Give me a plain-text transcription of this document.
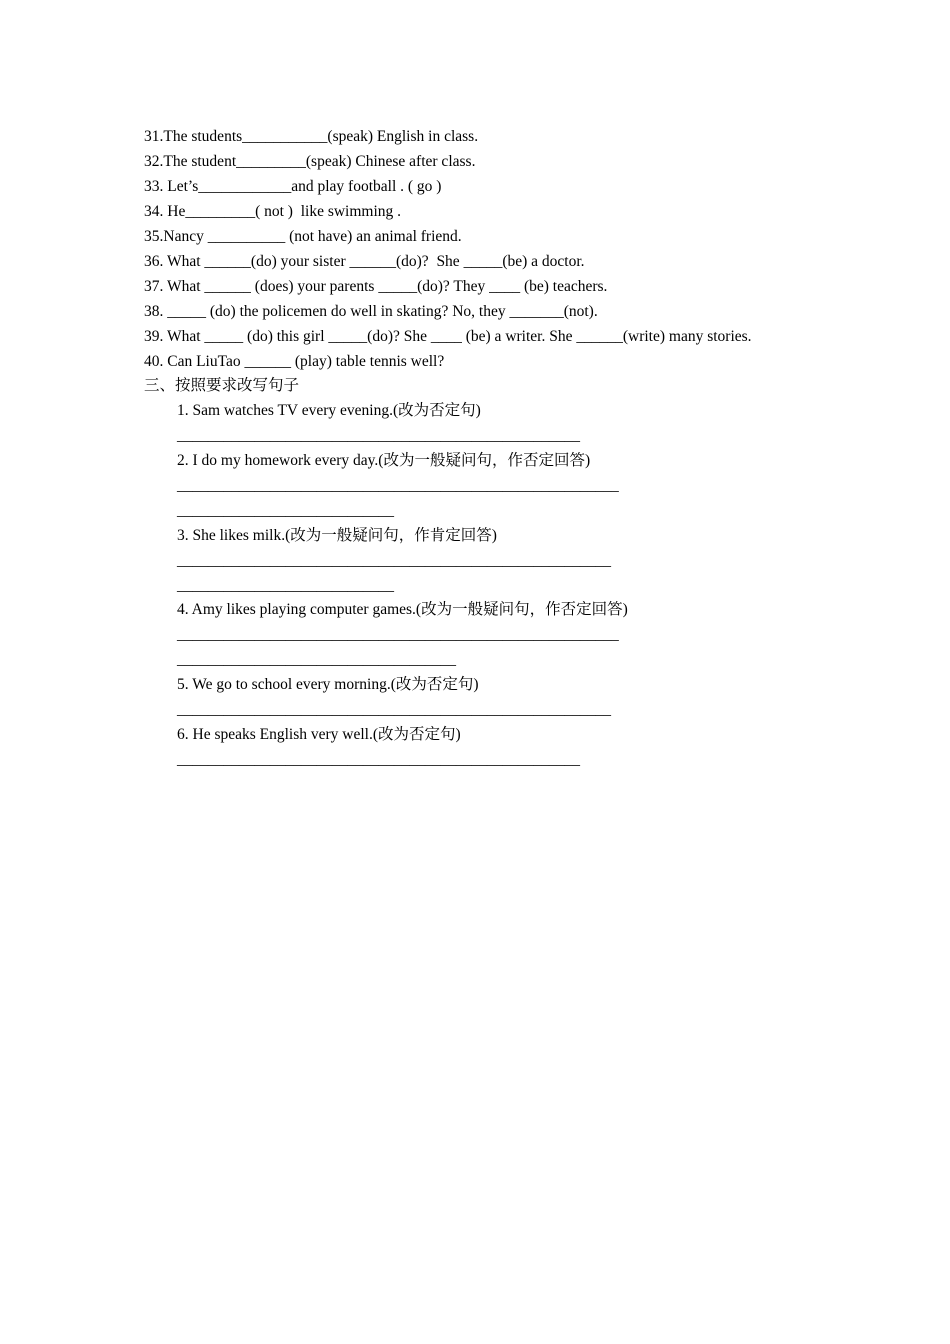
31.The students___________(speak) English in class.
32.The student_________(speak) Chinese after class.
33. Let’s____________and play football . ( go )
34. He_________( not )  like swimming .
35.Nancy __________ (not have) an animal friend.
36. What ______(do) your sister ______(do)?  She _____(be) a doctor.
37. What ______ (does) your parents _____(do)? They ____ (be) teachers.
38. _____ (do) the policemen do well in skating? No, they _______(not).
39. What _____ (do) this girl _____(do)? She ____ (be) a writer. She ______(write) many stories.
40. Can LiuTao ______ (play) table tennis well?
三、按照要求改写句子
1. Sam watches TV every evening.(改为否定句)
____________________________________________________
2. I do my homework every day.(改为一般疑问句，作否定回答)
_________________________________________________________
____________________________
3. She likes milk.(改为一般疑问句，作肯定回答)
________________________________________________________
____________________________
4. Amy likes playing computer games.(改为一般疑问句，作否定回答)
_________________________________________________________
____________________________________
5. We go to school every morning.(改为否定句)
________________________________________________________
6. He speaks English very well.(改为否定句)
____________________________________________________
